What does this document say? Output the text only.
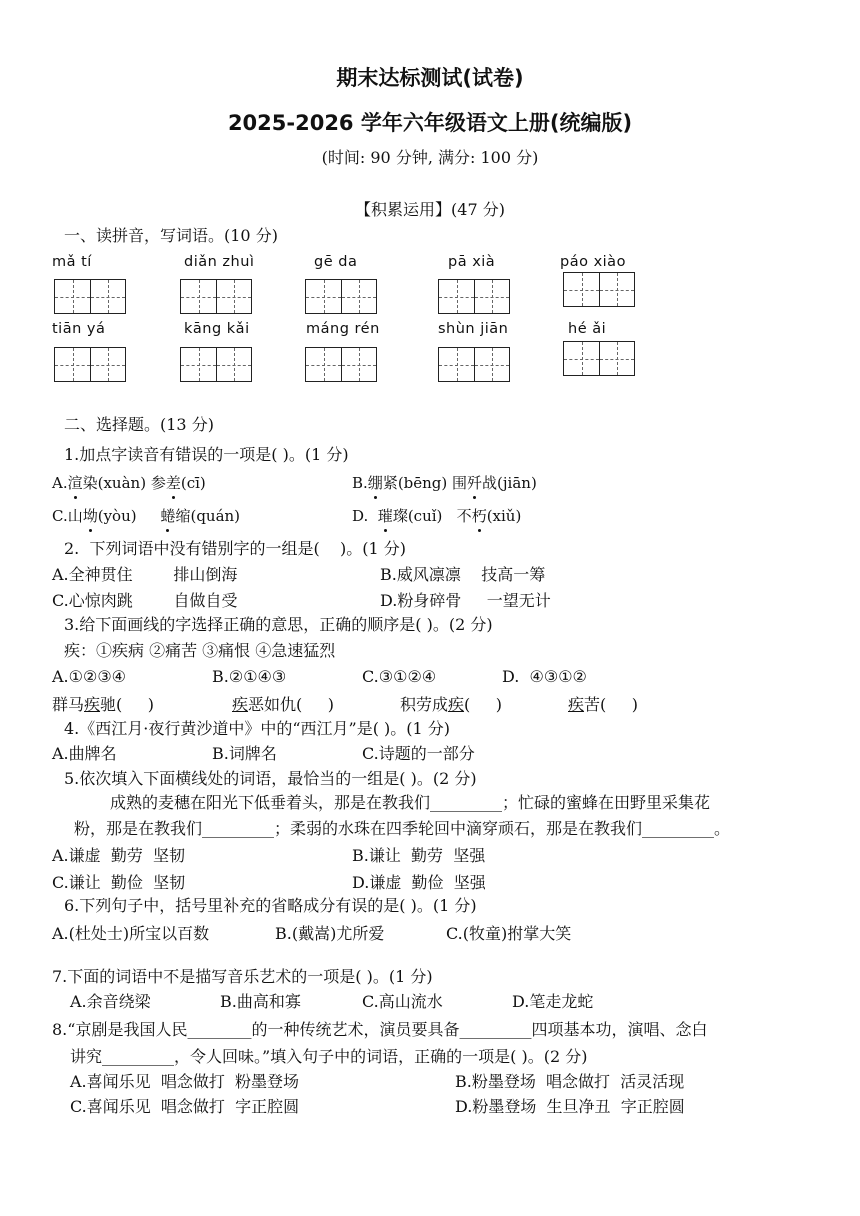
期末达标测试(试卷)
2025-2026 学年六年级语文上册(统编版)
(时间: 90 分钟, 满分: 100 分)
【积累运用】(47 分)
一、读拼音，写词语。(10 分)
mǎ tí	diǎn zhuì	gē da	pā xià	páo xiào
tiān yá	kāng kǎi	máng rén	shùn jiān	hé ǎi
二、选择题。(13 分)
1.加点字读音有错误的一项是( )。(1 分)
A.渲染(xuàn) 参差(cī)	B.绷紧(bēng) 围歼战(jiān)
C.山坳(yòu)     蜷缩(quán)	D.  璀璨(cuǐ)   不朽(xiǔ)
2.  下列词语中没有错别字的一组是(    )。(1 分)
A.全神贯住        排山倒海	B.威风凛凛    技高一筹
C.心惊肉跳        自做自受	D.粉身碎骨     一望无计
3.给下面画线的字选择正确的意思，正确的顺序是( )。(2 分)
疾：①疾病 ②痛苦 ③痛恨 ④急速猛烈
A.①②③④	B.②①④③	C.③①②④	D.  ④③①②
群马疾驰(     )	疾恶如仇(     )	积劳成疾(     )	疾苦(     )
4.《西江月·夜行黄沙道中》中的“西江月”是( )。(1 分)
A.曲牌名	B.词牌名	C.诗题的一部分
5.依次填入下面横线处的词语，最恰当的一组是( )。(2 分)
成熟的麦穗在阳光下低垂着头，那是在教我们_________；忙碌的蜜蜂在田野里采集花
粉，那是在教我们_________；柔弱的水珠在四季轮回中滴穿顽石，那是在教我们_________。
A.谦虚  勤劳  坚韧	B.谦让  勤劳  坚强
C.谦让  勤俭  坚韧	D.谦虚  勤俭  坚强
6.下列句子中，括号里补充的省略成分有误的是( )。(1 分)
A.(杜处士)所宝以百数	B.(戴嵩)尤所爱	C.(牧童)拊掌大笑
7.下面的词语中不是描写音乐艺术的一项是( )。(1 分)
A.余音绕梁	B.曲高和寡	C.高山流水	D.笔走龙蛇
8.“京剧是我国人民________的一种传统艺术，演员要具备_________四项基本功，演唱、念白
讲究_________，令人回味。”填入句子中的词语，正确的一项是( )。(2 分)
A.喜闻乐见  唱念做打  粉墨登场	B.粉墨登场  唱念做打  活灵活现
C.喜闻乐见  唱念做打  字正腔圆	D.粉墨登场  生旦净丑  字正腔圆
